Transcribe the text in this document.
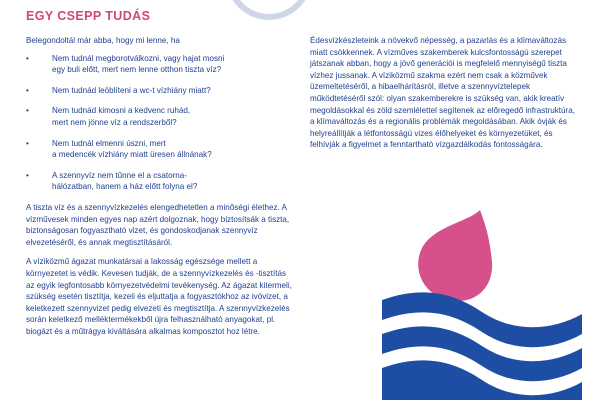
EGY CSEPP TUDÁS

Belegondoltál már abba, hogy mi lenne, ha

•	Nem tudnál megborotválkozni, vagy hajat mosni
egy buli előtt, mert nem lenne otthon tiszta víz?
•	Nem tudnád leöblíteni a wc-t vízhiány miatt?
•	Nem tudnád kimosni a kedvenc ruhád,
mert nem jönne víz a rendszerből?
•	Nem tudnál elmenni úszni, mert
a medencék vízhiány miatt üresen állnának?
•	A szennyvíz nem tűnne el a csatorna-
hálózatban, hanem a ház előtt folyna el?

A tiszta víz és a szennyvízkezelés elengedhetetlen a minőségi élethez. A vízművesek minden egyes nap azért dolgoznak, hogy biztosítsák a tiszta, biztonságosan fogyasztható vizet, és gondoskodjanak szennyvíz elvezetéséről, és annak megtisztításáról.

A víziközmű ágazat munkatársai a lakosság egészsége mellett a környezetet is védik. Kevesen tudják, de a szennyvízkezelés és -tisztítás az egyik legfontosabb környezetvédelmi tevékenység. Az ágazat kitermeli, szükség esetén tisztítja, kezeli és eljuttatja a fogyasztókhoz az ivóvizet, a keletkezett szennyvizet pedig elvezeti és megtisztítja. A szennyvízkezelés során keletkező melléktermékekből újra felhasználható anyagokat, pl. biogázt és a műtrágya kiváltására alkalmas komposztot hoz létre.

Édesvízkészleteink a növekvő népesség, a pazarlás és a klímaváltozás miatt csökkennek. A vízműves szakemberek kulcsfontosságú szerepet játszanak abban, hogy a jövő generációi is megfelelő mennyiségű tiszta vízhez jussanak. A víziközmű szakma ezért nem csak a közművek üzemeltetéséről, a hibaelhárításról, illetve a szennyvíztelepek működtetéséről szól: olyan szakemberekre is szükség van, akik kreatív megoldásokkal és zöld szemlélettel segítenek az előregedő infrastruktúra, a klímaváltozás és a regionális problémák megoldásában. Akik óvják és helyreállítják a létfontosságú vizes élőhelyeket és környezetüket, és felhívják a figyelmet a fenntartható vízgazdálkodás fontosságára.
